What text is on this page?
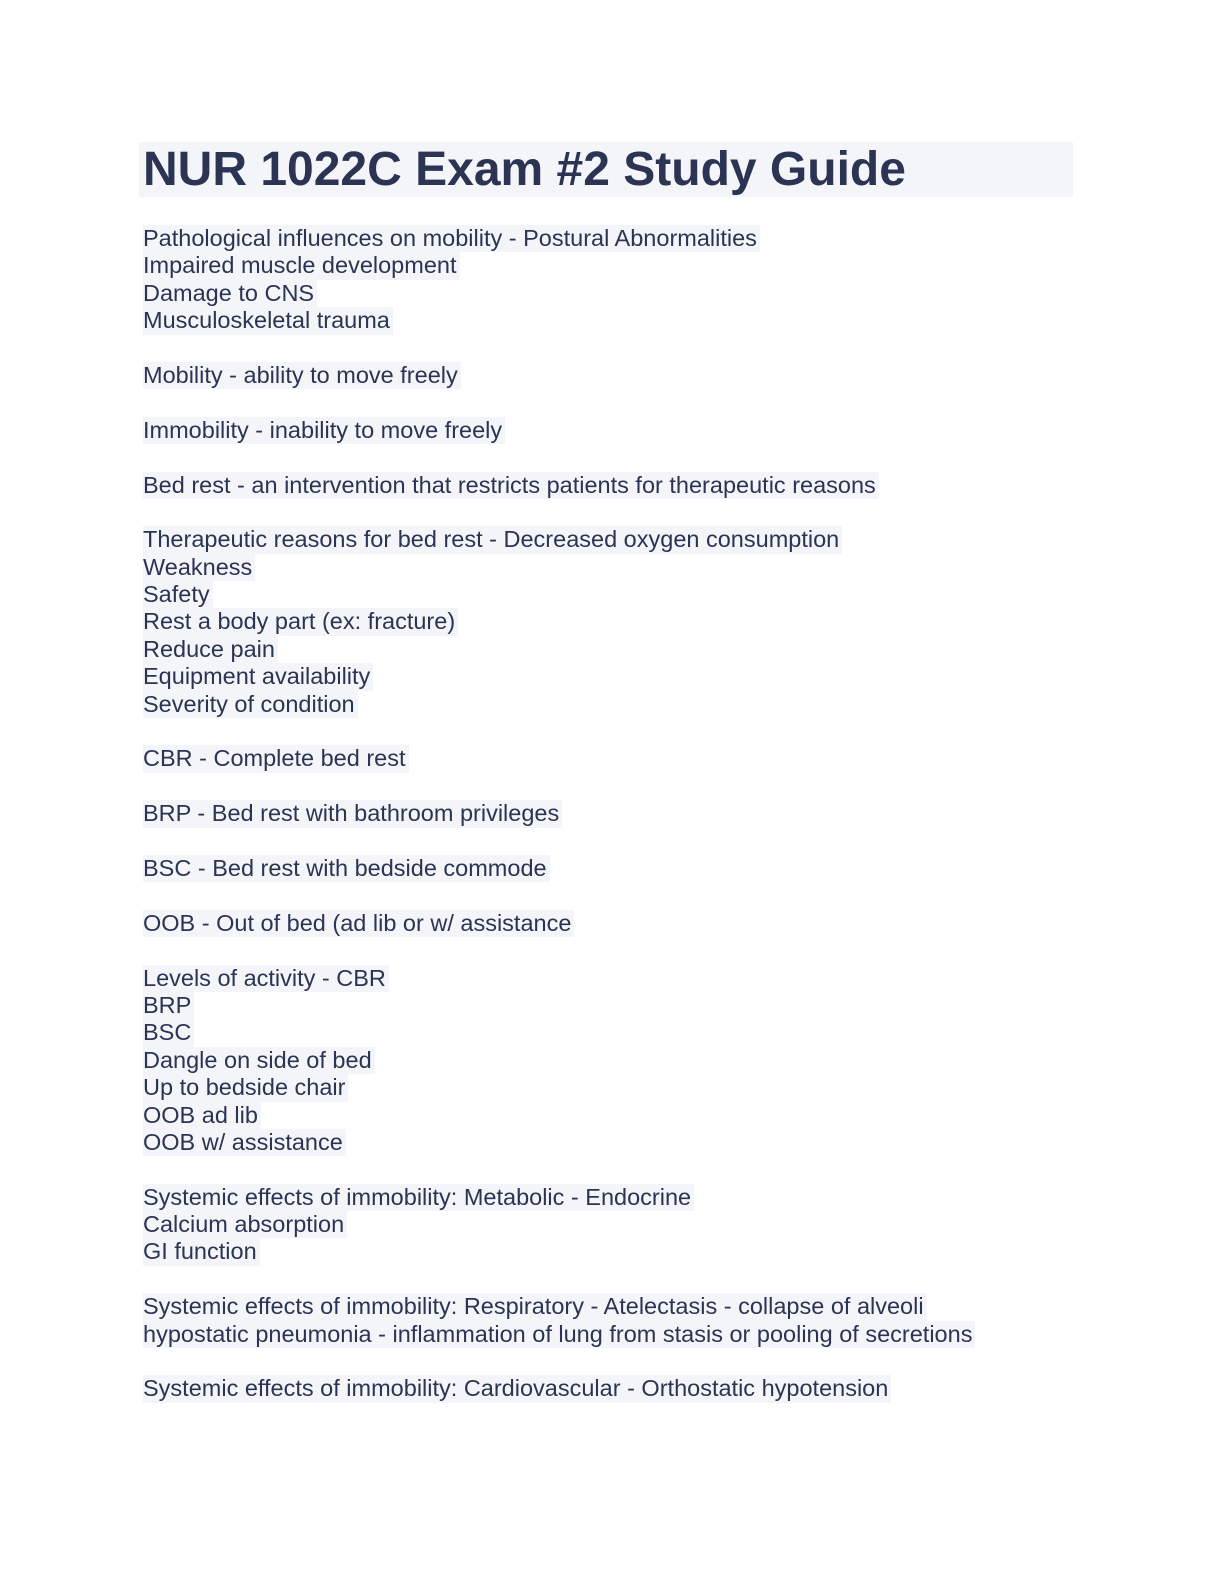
NUR 1022C Exam #2 Study Guide
Pathological influences on mobility - Postural Abnormalities
Impaired muscle development
Damage to CNS
Musculoskeletal trauma
Mobility - ability to move freely
Immobility - inability to move freely
Bed rest - an intervention that restricts patients for therapeutic reasons
Therapeutic reasons for bed rest - Decreased oxygen consumption
Weakness
Safety
Rest a body part (ex: fracture)
Reduce pain
Equipment availability
Severity of condition
CBR - Complete bed rest
BRP - Bed rest with bathroom privileges
BSC - Bed rest with bedside commode
OOB - Out of bed (ad lib or w/ assistance
Levels of activity - CBR
BRP
BSC
Dangle on side of bed
Up to bedside chair
OOB ad lib
OOB w/ assistance
Systemic effects of immobility: Metabolic - Endocrine
Calcium absorption
GI function
Systemic effects of immobility: Respiratory - Atelectasis - collapse of alveoli
hypostatic pneumonia - inflammation of lung from stasis or pooling of secretions
Systemic effects of immobility: Cardiovascular - Orthostatic hypotension
